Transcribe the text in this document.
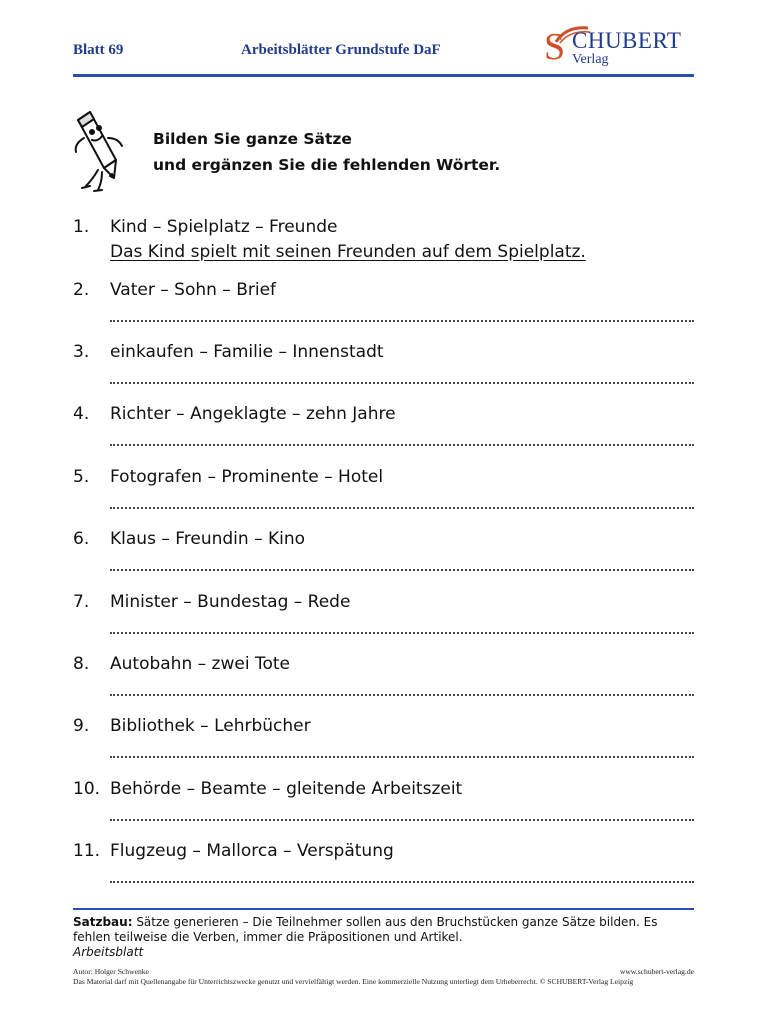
Blatt 69	Arbeitsblätter Grundstufe DaF	S CHUBERT
Verlag
Bilden Sie ganze Sätze
und ergänzen Sie die fehlenden Wörter.
1. Kind – Spielplatz – Freunde
Das Kind spielt mit seinen Freunden auf dem Spielplatz.
2. Vater – Sohn – Brief
3. einkaufen – Familie – Innenstadt
4. Richter – Angeklagte – zehn Jahre
5. Fotografen – Prominente – Hotel
6. Klaus – Freundin – Kino
7. Minister – Bundestag – Rede
8. Autobahn – zwei Tote
9. Bibliothek – Lehrbücher
10. Behörde – Beamte – gleitende Arbeitszeit
11. Flugzeug – Mallorca – Verspätung
Satzbau: Sätze generieren – Die Teilnehmer sollen aus den Bruchstücken ganze Sätze bilden. Es fehlen teilweise die Verben, immer die Präpositionen und Artikel.
Arbeitsblatt
Autor: Holger Schwenke	www.schubert-verlag.de
Das Material darf mit Quellenangabe für Unterrichtszwecke genutzt und vervielfältigt werden. Eine kommerzielle Nutzung unterliegt dem Urheberrecht. © SCHUBERT-Verlag Leipzig
